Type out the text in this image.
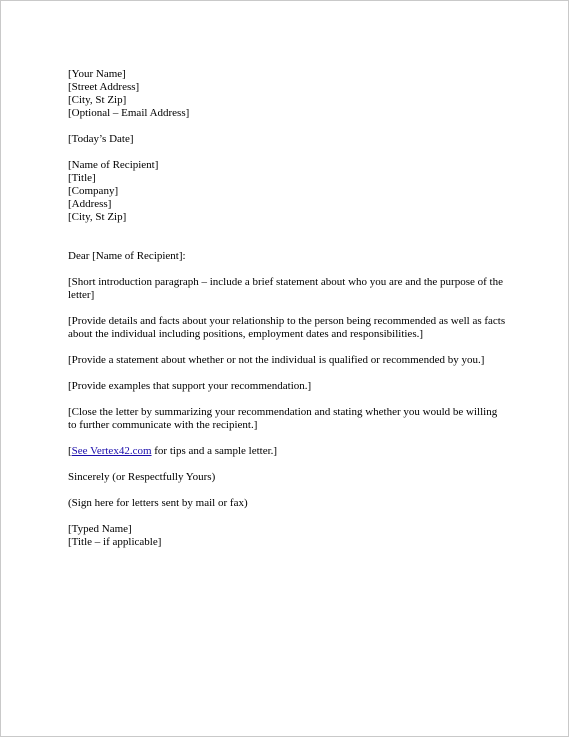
[Your Name]
[Street Address]
[City, St Zip]
[Optional – Email Address]
[Today’s Date]
[Name of Recipient]
[Title]
[Company]
[Address]
[City, St Zip]
Dear [Name of Recipient]:
[Short introduction paragraph – include a brief statement about who you are and the purpose of the letter]
[Provide details and facts about your relationship to the person being recommended as well as facts about the individual including positions, employment dates and responsibilities.]
[Provide a statement about whether or not the individual is qualified or recommended by you.]
[Provide examples that support your recommendation.]
[Close the letter by summarizing your recommendation and stating whether you would be willing to further communicate with the recipient.]
[See Vertex42.com for tips and a sample letter.]
Sincerely (or Respectfully Yours)
(Sign here for letters sent by mail or fax)
[Typed Name]
[Title – if applicable]
